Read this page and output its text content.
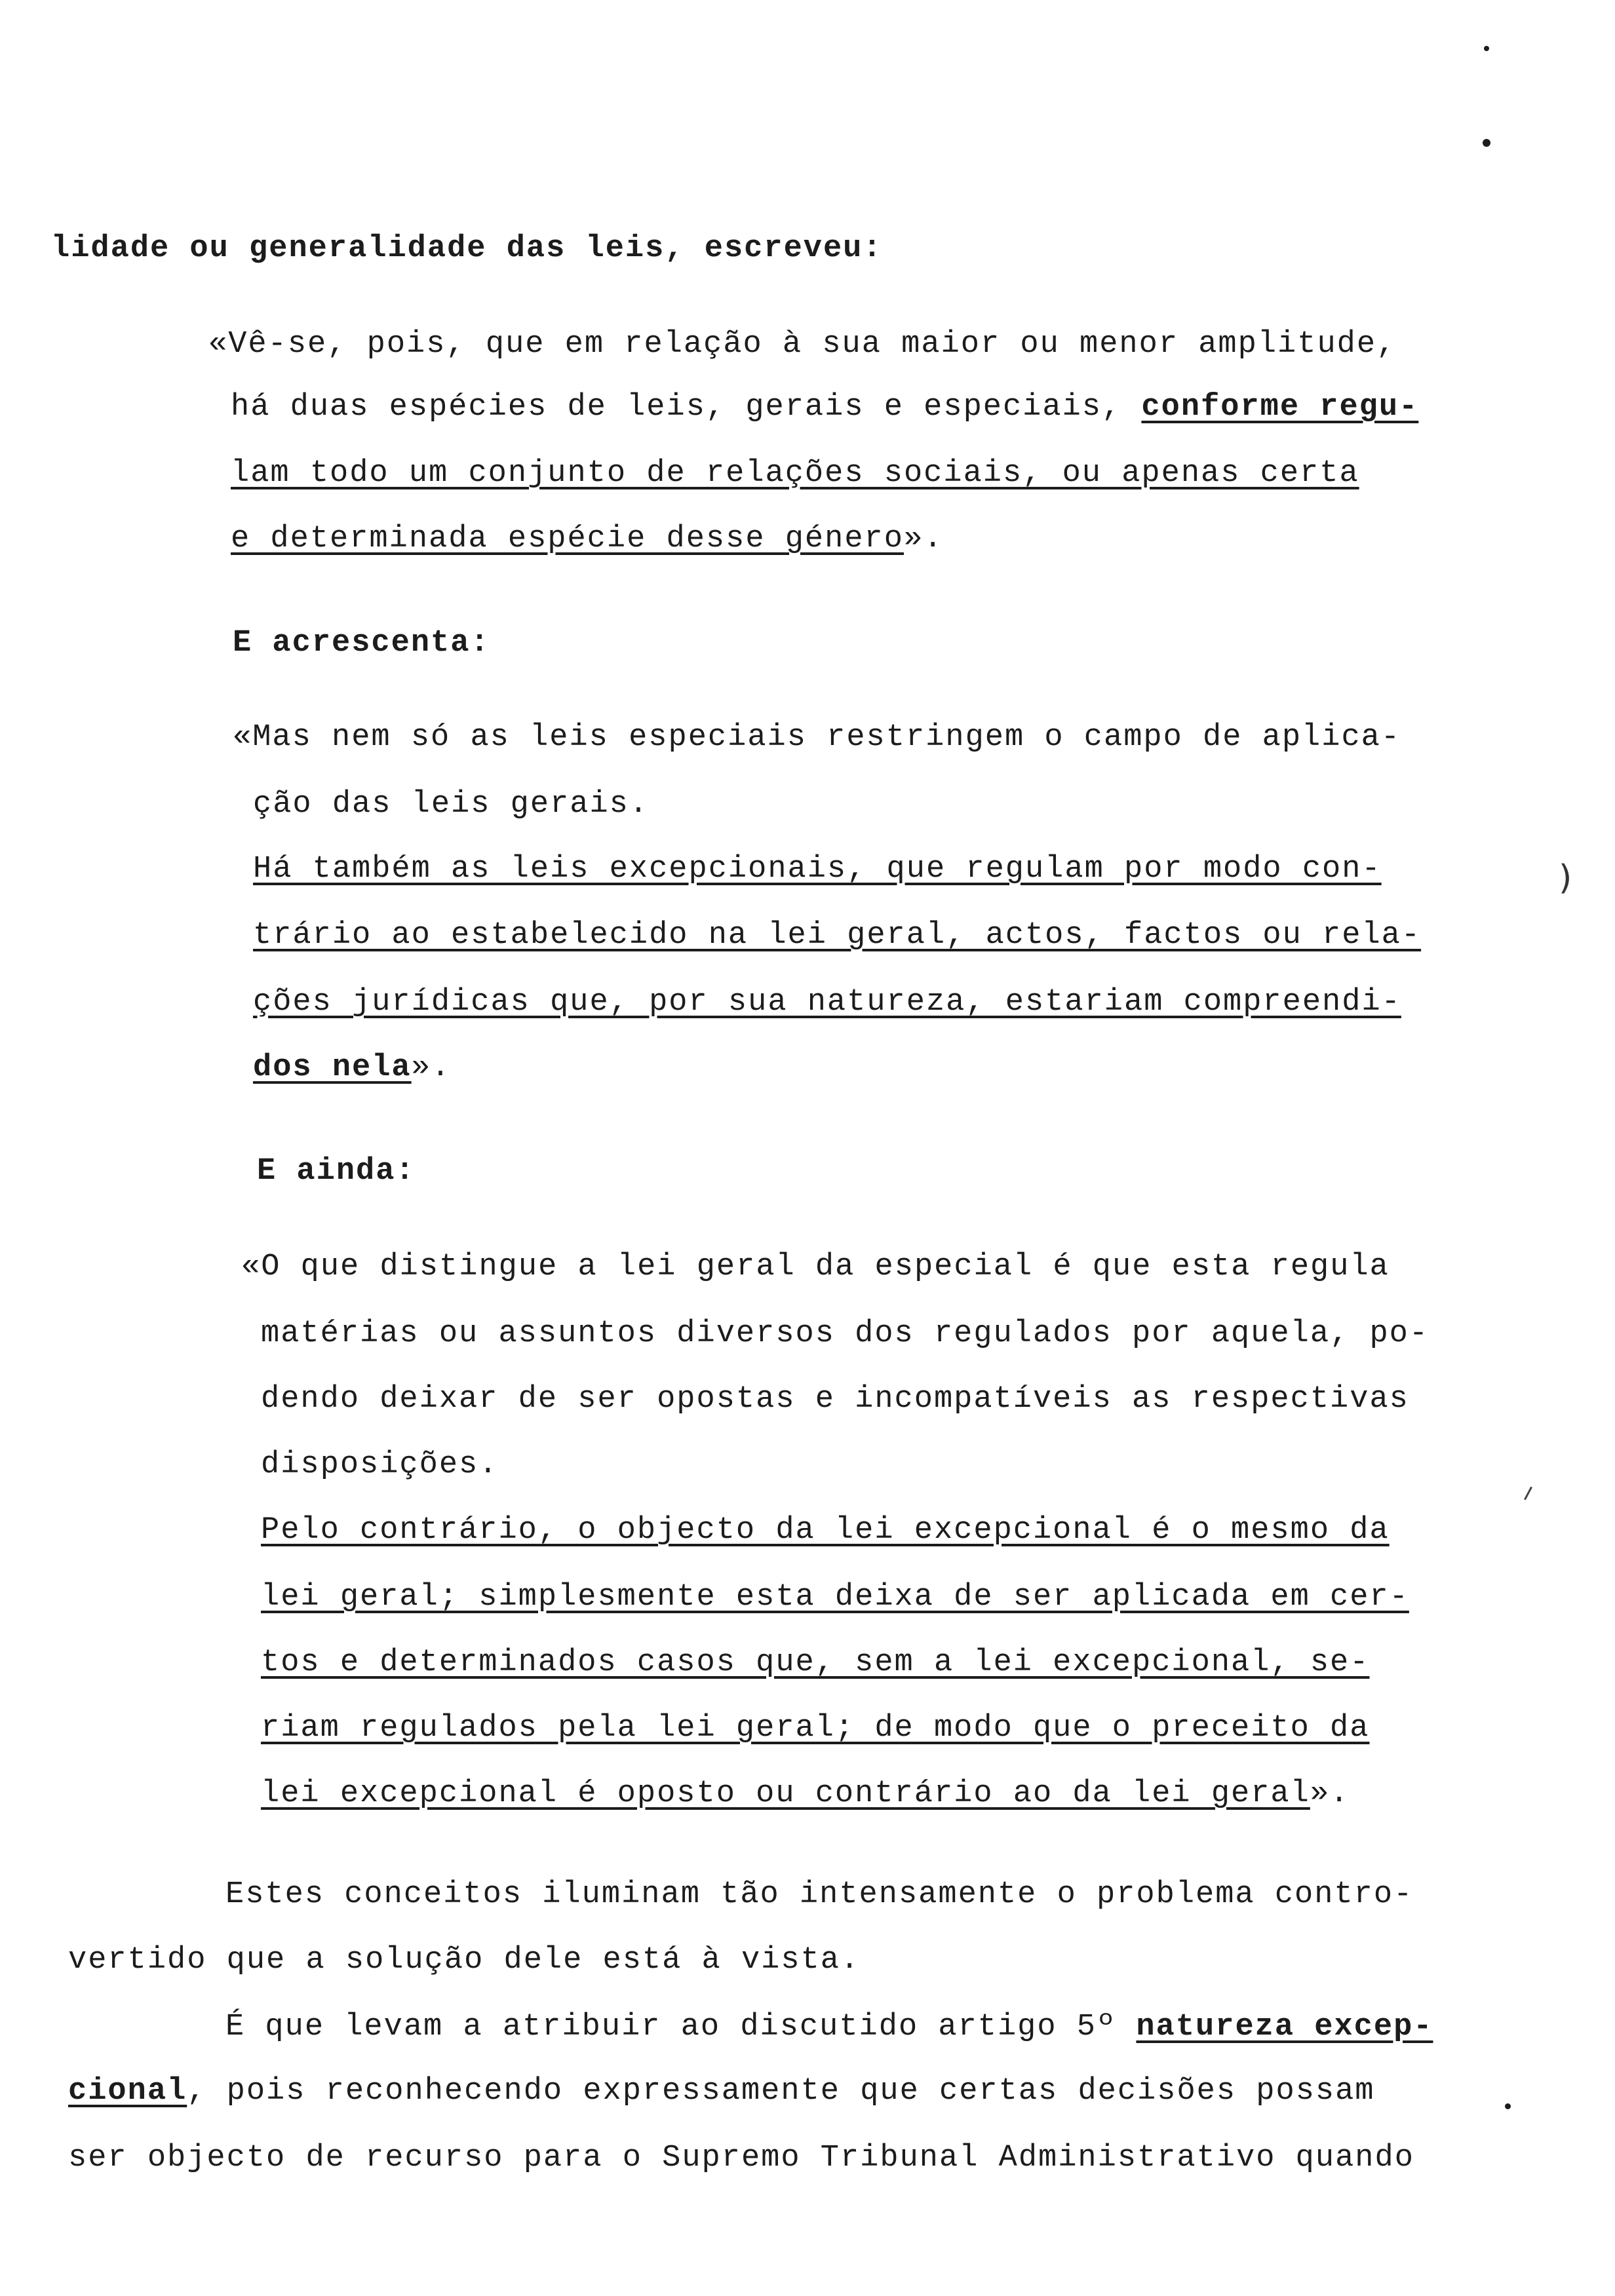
)
lidade ou generalidade das leis, escreveu:
«Vê-se, pois, que em relação à sua maior ou menor amplitude,
há duas espécies de leis, gerais e especiais, conforme regu-
lam todo um conjunto de relações sociais, ou apenas certa
e determinada espécie desse género».
E acrescenta:
«Mas nem só as leis especiais restringem o campo de aplica-
ção das leis gerais.
Há também as leis excepcionais, que regulam por modo con-
trário ao estabelecido na lei geral, actos, factos ou rela-
ções jurídicas que, por sua natureza, estariam compreendi-
dos nela».
E ainda:
«O que distingue a lei geral da especial é que esta regula
matérias ou assuntos diversos dos regulados por aquela, po-
dendo deixar de ser opostas e incompatíveis as respectivas
disposições.
Pelo contrário, o objecto da lei excepcional é o mesmo da
lei geral; simplesmente esta deixa de ser aplicada em cer-
tos e determinados casos que, sem a lei excepcional, se-
riam regulados pela lei geral; de modo que o preceito da
lei excepcional é oposto ou contrário ao da lei geral».
Estes conceitos iluminam tão intensamente o problema contro-
vertido que a solução dele está à vista.
É que levam a atribuir ao discutido artigo 5º natureza excep-
cional, pois reconhecendo expressamente que certas decisões possam
ser objecto de recurso para o Supremo Tribunal Administrativo quando
